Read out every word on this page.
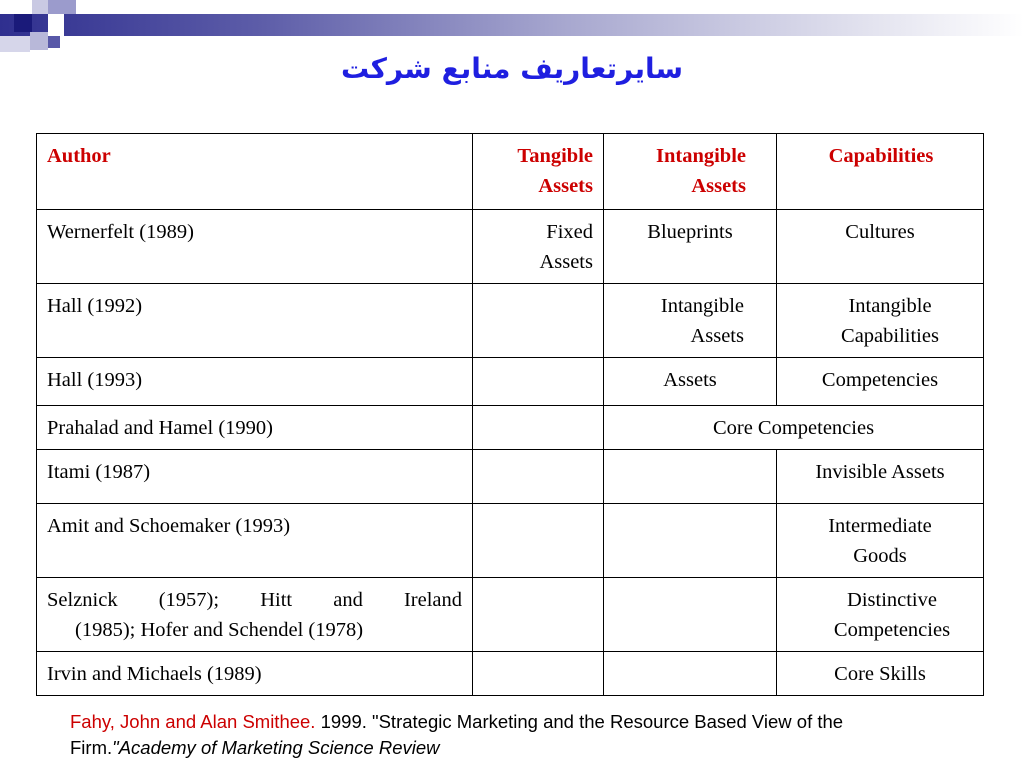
سایرتعاریف منابع شرکت
Author	Tangible Assets	Intangible Assets	Capabilities
Wernerfelt (1989)	Fixed Assets	Blueprints	Cultures
Hall (1992)		Intangible Assets	Intangible Capabilities
Hall (1993)		Assets	Competencies
Prahalad and Hamel (1990)		Core Competencies	
Itami (1987)			Invisible Assets
Amit and Schoemaker (1993)			Intermediate Goods

Selznick (1957); Hitt and Ireland
(1985); Hofer and Schendel (1978)			Distinctive Competencies
Irvin and Michaels (1989)			Core Skills
Fahy, John and Alan Smithee. 1999. "Strategic Marketing and the Resource Based View of the Firm."Academy of Marketing Science Review
